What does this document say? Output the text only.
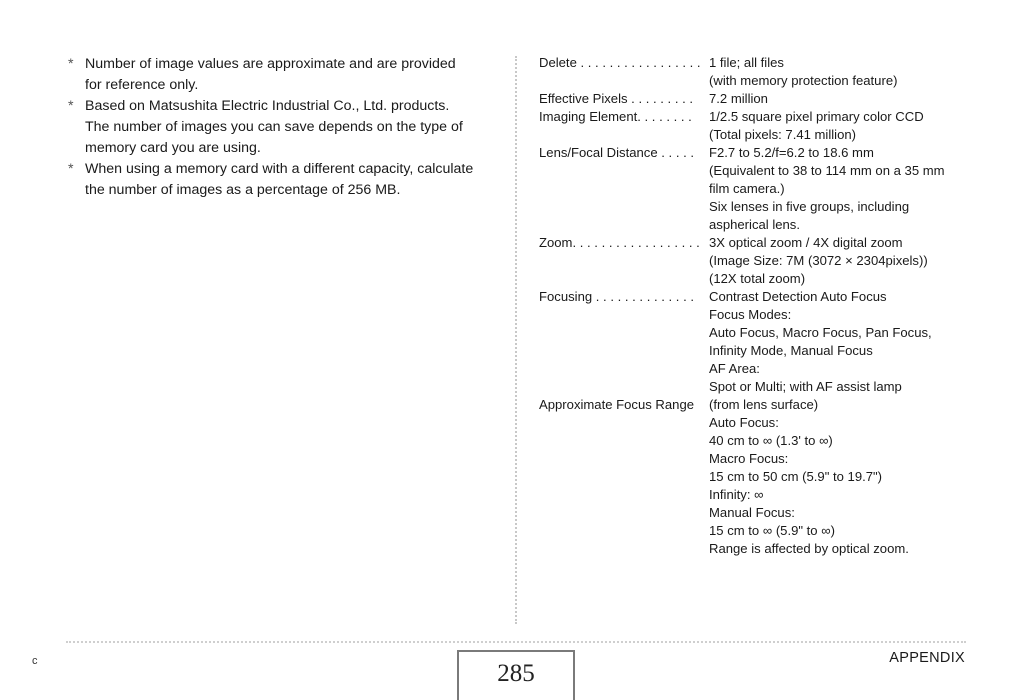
* Number of image values are approximate and are provided
for reference only.

* Based on Matsushita Electric Industrial Co., Ltd. products.
The number of images you can save depends on the type of
memory card you are using.

* When using a memory card with a different capacity, calculate
the number of images as a percentage of 256 MB.

Delete . . . . . . . . . . . . . . . . . 1 file; all files
(with memory protection feature)
Effective Pixels . . . . . . . . .	7.2 million
Imaging Element. . . . . . . .	1/2.5 square pixel primary color CCD
(Total pixels: 7.41 million)
Lens/Focal Distance . . . . .	F2.7 to 5.2/f=6.2 to 18.6 mm
(Equivalent to 38 to 114 mm on a 35 mm
film camera.)
Six lenses in five groups, including
aspherical lens.
Zoom. . . . . . . . . . . . . . . . . . 3X optical zoom / 4X digital zoom
(Image Size: 7M (3072 × 2304pixels))
(12X total zoom)
Focusing . . . . . . . . . . . . . .	Contrast Detection Auto Focus
Focus Modes:
Auto Focus, Macro Focus, Pan Focus,
Infinity Mode, Manual Focus
AF Area:
Spot or Multi; with AF assist lamp
Approximate Focus Range	(from lens surface)
Auto Focus:
40 cm to ∞ (1.3' to ∞)
Macro Focus:
15 cm to 50 cm (5.9" to 19.7")
Infinity: ∞
Manual Focus:
15 cm to ∞ (5.9" to ∞)
Range is affected by optical zoom.
c	285
APPENDIX
